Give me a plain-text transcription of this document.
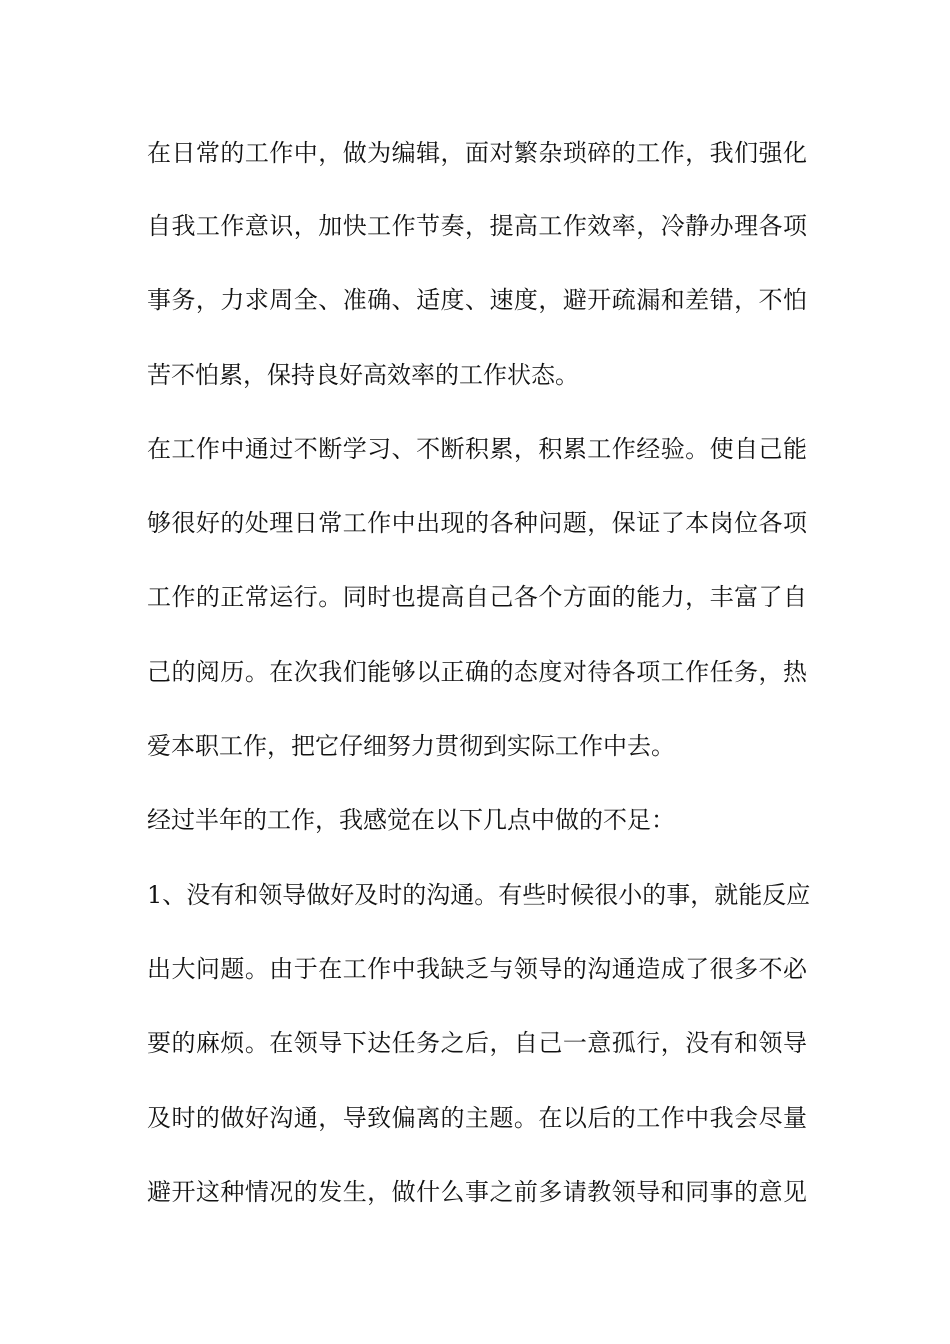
在日常的工作中，做为编辑，面对繁杂琐碎的工作，我们强化
自我工作意识，加快工作节奏，提高工作效率，冷静办理各项
事务，力求周全、准确、适度、速度，避开疏漏和差错，不怕
苦不怕累，保持良好高效率的工作状态。
在工作中通过不断学习、不断积累，积累工作经验。使自己能
够很好的处理日常工作中出现的各种问题，保证了本岗位各项
工作的正常运行。同时也提高自己各个方面的能力，丰富了自
己的阅历。在次我们能够以正确的态度对待各项工作任务，热
爱本职工作，把它仔细努力贯彻到实际工作中去。
经过半年的工作，我感觉在以下几点中做的不足：
1、没有和领导做好及时的沟通。有些时候很小的事，就能反应
出大问题。由于在工作中我缺乏与领导的沟通造成了很多不必
要的麻烦。在领导下达任务之后，自己一意孤行，没有和领导
及时的做好沟通，导致偏离的主题。在以后的工作中我会尽量
避开这种情况的发生，做什么事之前多请教领导和同事的意见
